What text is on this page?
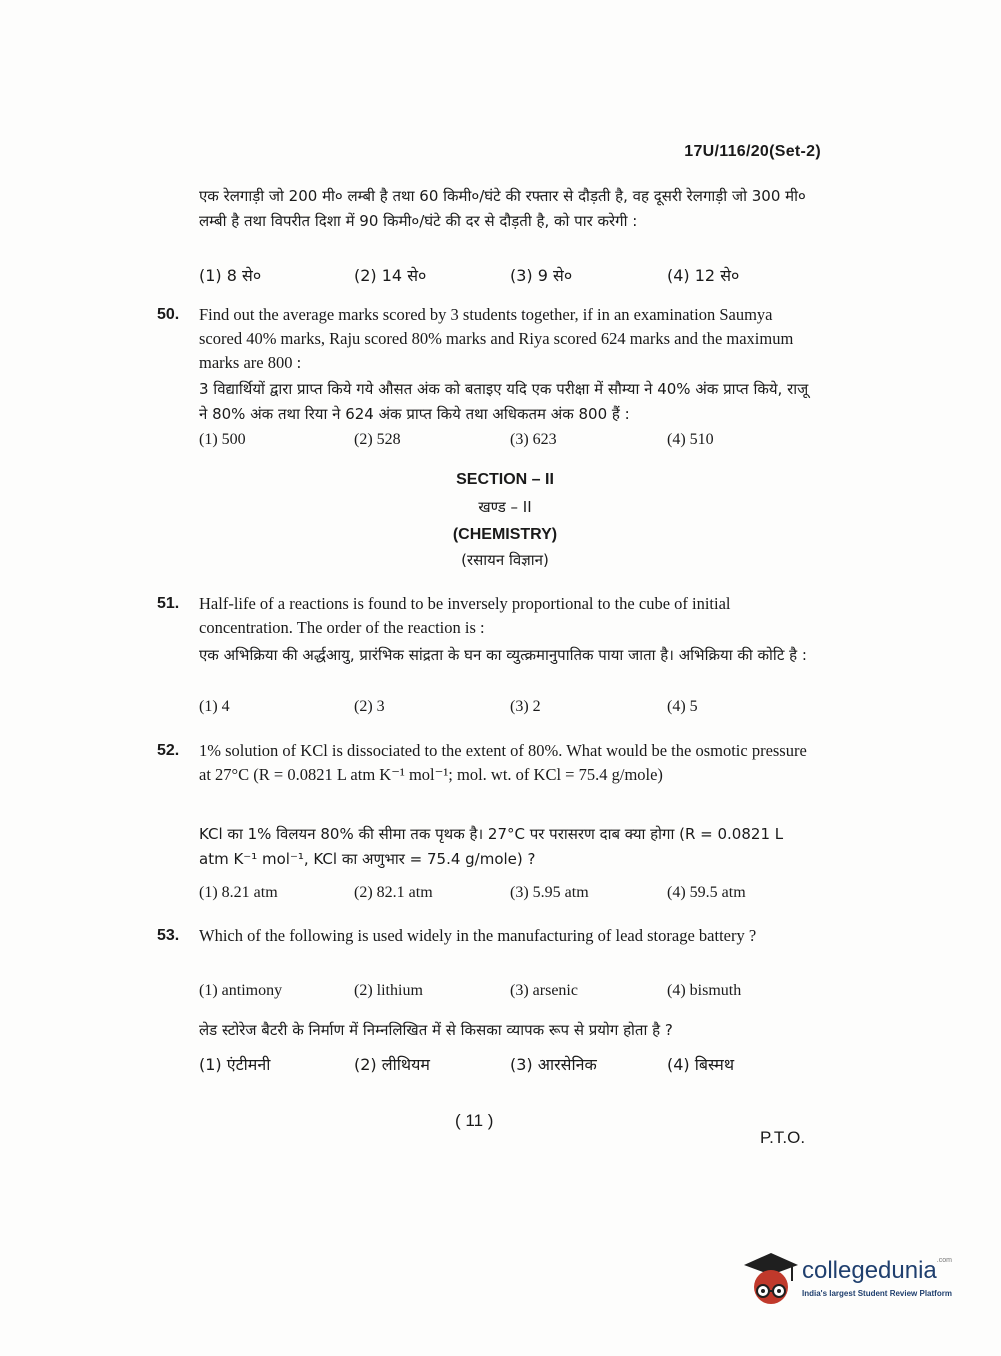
17U/116/20(Set-2)
एक रेलगाड़ी जो 200 मी० लम्बी है तथा 60 किमी०/घंटे की रफ्तार से दौड़ती है, वह दूसरी रेलगाड़ी जो 300 मी० लम्बी है तथा विपरीत दिशा में 90 किमी०/घंटे की दर से दौड़ती है, को पार करेगी :
(1) 8 से०	(2) 14 से०	(3) 9 से०	(4) 12 से०
50. Find out the average marks scored by 3 students together, if in an examination Saumya scored 40% marks, Raju scored 80% marks and Riya scored 624 marks and the maximum marks are 800 :
3 विद्यार्थियों द्वारा प्राप्त किये गये औसत अंक को बताइए यदि एक परीक्षा में सौम्या ने 40% अंक प्राप्त किये, राजू ने 80% अंक तथा रिया ने 624 अंक प्राप्त किये तथा अधिकतम अंक 800 हैं :
(1) 500	(2) 528	(3) 623	(4) 510
SECTION – II
खण्ड – II
(CHEMISTRY)
(रसायन विज्ञान)
51. Half-life of a reactions is found to be inversely proportional to the cube of initial concentration. The order of the reaction is :
एक अभिक्रिया की अर्द्धआयु, प्रारंभिक सांद्रता के घन का व्युत्क्रमानुपातिक पाया जाता है। अभिक्रिया की कोटि है :
(1) 4	(2) 3	(3) 2	(4) 5
52. 1% solution of KCl is dissociated to the extent of 80%. What would be the osmotic pressure at 27°C (R = 0.0821 L atm K⁻¹ mol⁻¹; mol. wt. of KCl = 75.4 g/mole)
KCl का 1% विलयन 80% की सीमा तक पृथक है। 27°C पर परासरण दाब क्या होगा (R = 0.0821 L atm K⁻¹ mol⁻¹, KCl का अणुभार = 75.4 g/mole) ?
(1) 8.21 atm	(2) 82.1 atm	(3) 5.95 atm	(4) 59.5 atm
53. Which of the following is used widely in the manufacturing of lead storage battery ?
(1) antimony	(2) lithium	(3) arsenic	(4) bismuth
लेड स्टोरेज बैटरी के निर्माण में निम्नलिखित में से किसका व्यापक रूप से प्रयोग होता है ?
(1) एंटीमनी	(2) लीथियम	(3) आरसेनिक	(4) बिस्मथ
( 11 )
P.T.O.
collegedunia$^{.com}$
India's largest Student Review Platform
